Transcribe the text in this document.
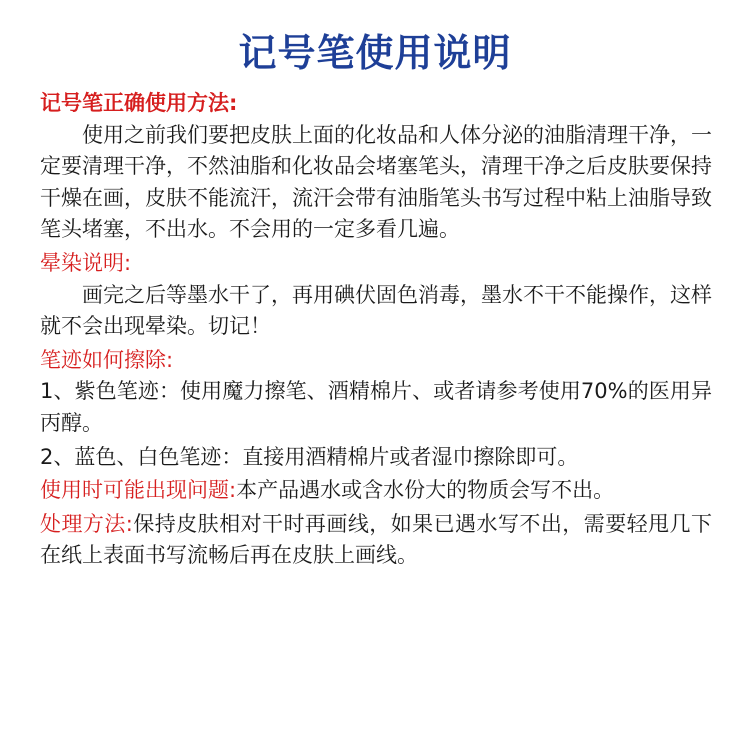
记号笔使用说明
记号笔正确使用方法:
使用之前我们要把皮肤上面的化妆品和人体分泌的油脂清理干净，一定要清理干净，不然油脂和化妆品会堵塞笔头，清理干净之后皮肤要保持干燥在画，皮肤不能流汗，流汗会带有油脂笔头书写过程中粘上油脂导致笔头堵塞，不出水。不会用的一定多看几遍。
晕染说明:
画完之后等墨水干了，再用碘伏固色消毒，墨水不干不能操作，这样就不会出现晕染。切记！
笔迹如何擦除:
1、紫色笔迹：使用魔力擦笔、酒精棉片、或者请参考使用70%的医用异丙醇。
2、蓝色、白色笔迹：直接用酒精棉片或者湿巾擦除即可。
使用时可能出现问题:本产品遇水或含水份大的物质会写不出。
处理方法:保持皮肤相对干时再画线，如果已遇水写不出，需要轻甩几下在纸上表面书写流畅后再在皮肤上画线。
